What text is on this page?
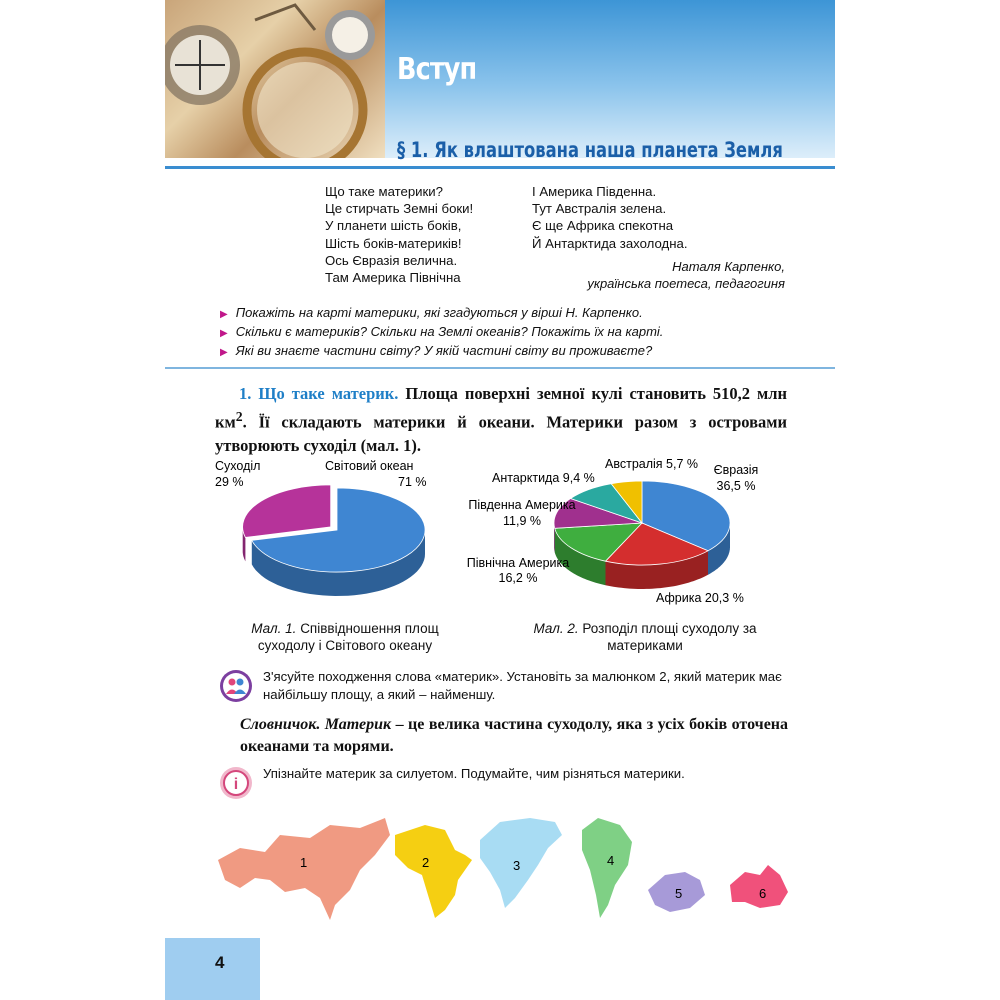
Вступ
§ 1. Як влаштована наша планета Земля
Що таке материки?
Це стирчать Земні боки!
У планети шість боків,
Шість боків-материків!
Ось Євразія велична.
Там Америка Північна
І Америка Південна.
Тут Австралія зелена.
Є ще Африка спекотна
Й Антарктида захолодна.
Наталя Карпенко,
українська поетеса, педагогиня
▶ Покажіть на карті материки, які згадуються у вірші Н. Карпенко.
▶ Скільки є материків? Скільки на Землі океанів? Покажіть їх на карті.
▶ Які ви знаєте частини світу? У якій частині світу ви проживаєте?
1. Що таке материк. Площа поверхні земної кулі становить 510,2 млн $км^2$. Її складають материки й океани. Материки разом з островами утворюють суходіл (мал. 1).
Світовий океан
71 %
Суходіл
29 %
Євразія
36,5 %
Африка 20,3 %
Північна Америка
16,2 %
Південна Америка
11,9 %
Антарктида 9,4 %
Австралія 5,7 %
Мал. 1. Співвідношення площ суходолу і Світового океану
Мал. 2. Розподіл площі суходолу за материками
З'ясуйте походження слова «материк». Установіть за малюнком 2, який материк має найбільшу площу, а який – найменшу.
Словничок. Материк – це велика частина суходолу, яка з усіх боків оточена океанами та морями.
i
Упізнайте материк за силуетом. Подумайте, чим різняться материки.
1	2	3	4
5	6
4
